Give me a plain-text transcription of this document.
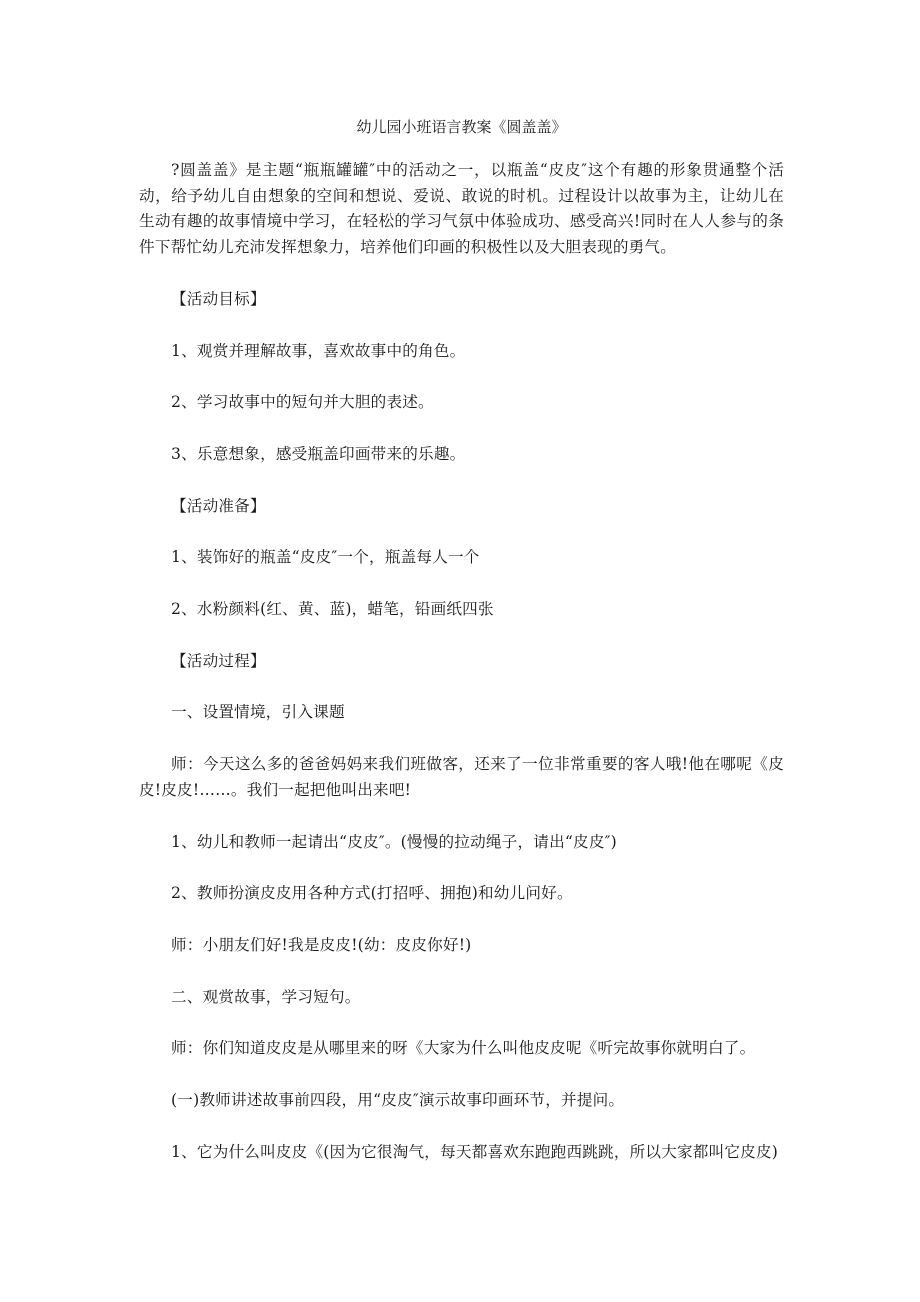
幼儿园小班语言教案《圆盖盖》

?圆盖盖》是主题“瓶瓶罐罐″中的活动之一，以瓶盖“皮皮″这个有趣的形象贯通整个活动，给予幼儿自由想象的空间和想说、爱说、敢说的时机。过程设计以故事为主，让幼儿在生动有趣的故事情境中学习，在轻松的学习气氛中体验成功、感受高兴!同时在人人参与的条件下帮忙幼儿充沛发挥想象力，培养他们印画的积极性以及大胆表现的勇气。

【活动目标】

1、观赏并理解故事，喜欢故事中的角色。

2、学习故事中的短句并大胆的表述。

3、乐意想象，感受瓶盖印画带来的乐趣。

【活动准备】

1、装饰好的瓶盖“皮皮″一个，瓶盖每人一个

2、水粉颜料(红、黄、蓝)，蜡笔，铅画纸四张

【活动过程】

一、设置情境，引入课题

师：今天这么多的爸爸妈妈来我们班做客，还来了一位非常重要的客人哦!他在哪呢《皮皮!皮皮!……。我们一起把他叫出来吧!

1、幼儿和教师一起请出“皮皮″。(慢慢的拉动绳子，请出“皮皮″)

2、教师扮演皮皮用各种方式(打招呼、拥抱)和幼儿问好。

师：小朋友们好!我是皮皮!(幼：皮皮你好!)

二、观赏故事，学习短句。

师：你们知道皮皮是从哪里来的呀《大家为什么叫他皮皮呢《听完故事你就明白了。

(一)教师讲述故事前四段，用“皮皮″演示故事印画环节，并提问。

1、它为什么叫皮皮《(因为它很淘气，每天都喜欢东跑跑西跳跳，所以大家都叫它皮皮)
